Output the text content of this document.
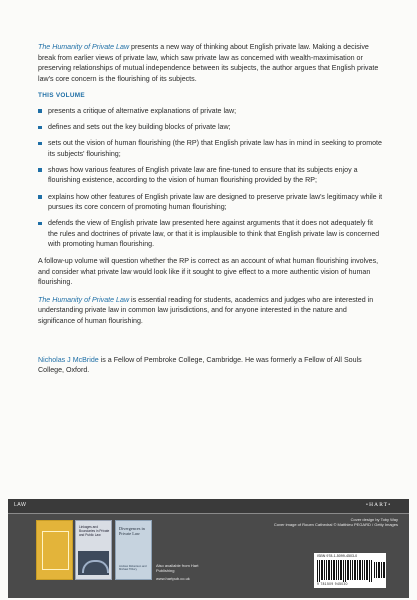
The Humanity of Private Law presents a new way of thinking about English private law. Making a decisive break from earlier views of private law, which saw private law as concerned with wealth-maximisation or preserving relationships of mutual independence between its subjects, the author argues that English private law's core concern is the flourishing of its subjects.

THIS VOLUME
presents a critique of alternative explanations of private law;
defines and sets out the key building blocks of private law;
sets out the vision of human flourishing (the RP) that English private law has in mind in seeking to promote its subjects' flourishing;
shows how various features of English private law are fine-tuned to ensure that its subjects enjoy a flourishing existence, according to the vision of human flourishing provided by the RP;
explains how other features of English private law are designed to preserve private law's legitimacy while it pursues its core concern of promoting human flourishing;
defends the view of English private law presented here against arguments that it does not adequately fit the rules and doctrines of private law, or that it is implausible to think that English private law is concerned with promoting human flourishing.

A follow-up volume will question whether the RP is correct as an account of what human flourishing involves, and consider what private law would look like if it sought to give effect to a more authentic vision of human flourishing.

The Humanity of Private Law is essential reading for students, academics and judges who are interested in understanding private law in common law jurisdictions, and for anyone interested in the nature and significance of human flourishing.

Nicholas J McBride is a Fellow of Pembroke College, Cambridge. He was formerly a Fellow of All Souls College, Oxford.

LAW	•HART•
Linkages and Boundaries in Private and Public Law
Divergences in Private Law
Andrew Robertson and Michael Tilbury
Also available from Hart Publishing
www.hartpub.co.uk
Cover design by Toby Way
Cover image of Rouen Cathedral © Matthieu PEGARD / Getty Images
ISBN 978-1-5099-4503-0
9 781509 945030
